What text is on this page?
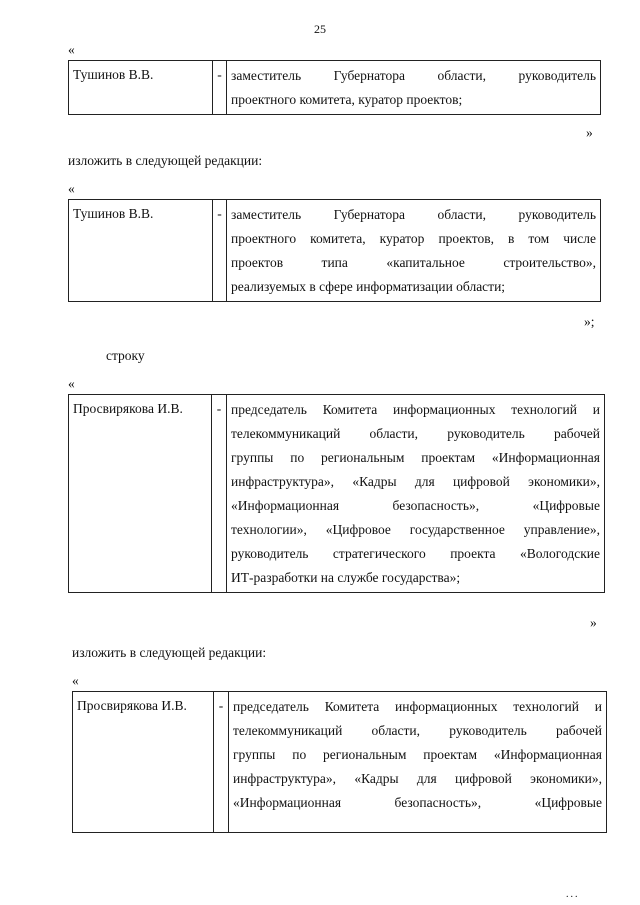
25
«
Тушинов В.В.	-	заместитель Губернатора области, руководитель
проектного комитета, куратор проектов;
»
изложить в следующей редакции:
«
Тушинов В.В.	-	заместитель Губернатора области, руководитель
проектного комитета, куратор проектов, в том числе
проектов типа «капитальное строительство»,
реализуемых в сфере информатизации области;
»;
строку
«
Просвирякова И.В.	-	председатель Комитета информационных технологий и
телекоммуникаций области, руководитель рабочей
группы по региональным проектам «Информационная
инфраструктура», «Кадры для цифровой экономики»,
«Информационная безопасность», «Цифровые
технологии», «Цифровое государственное управление»,
руководитель стратегического проекта «Вологодские
ИТ-разработки на службе государства»;
»
изложить в следующей редакции:
«
Просвирякова И.В.	-	председатель Комитета информационных технологий и
телекоммуникаций области, руководитель рабочей
группы по региональным проектам «Информационная
инфраструктура», «Кадры для цифровой экономики»,
«Информационная безопасность», «Цифровые
...
